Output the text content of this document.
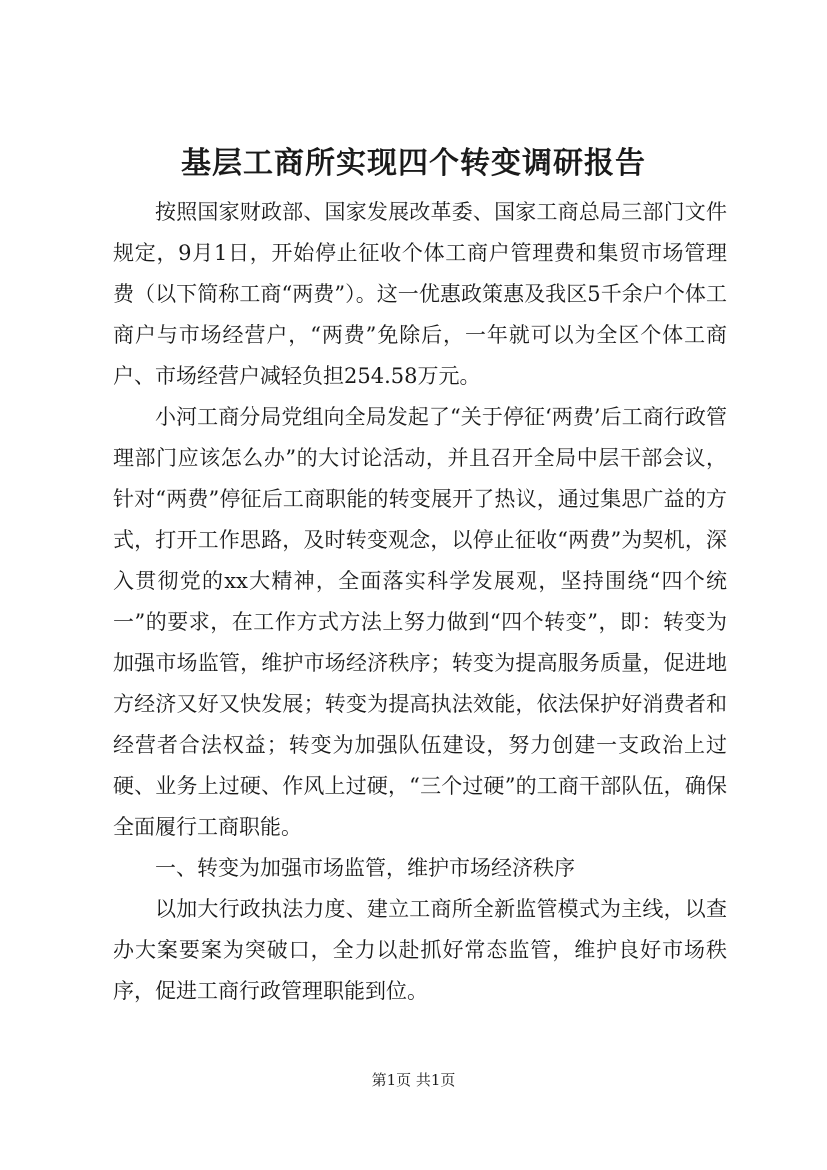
基层工商所实现四个转变调研报告

按照国家财政部、国家发展改革委、国家工商总局三部门文件规定，9月1日，开始停止征收个体工商户管理费和集贸市场管理费（以下简称工商“两费”）。这一优惠政策惠及我区5千余户个体工商户与市场经营户，“两费”免除后，一年就可以为全区个体工商户、市场经营户减轻负担254.58万元。

小河工商分局党组向全局发起了“关于停征‘两费’后工商行政管理部门应该怎么办”的大讨论活动，并且召开全局中层干部会议，针对“两费”停征后工商职能的转变展开了热议，通过集思广益的方式，打开工作思路，及时转变观念，以停止征收“两费”为契机，深入贯彻党的xx大精神，全面落实科学发展观，坚持围绕“四个统一”的要求，在工作方式方法上努力做到“四个转变”，即：转变为加强市场监管，维护市场经济秩序；转变为提高服务质量，促进地方经济又好又快发展；转变为提高执法效能，依法保护好消费者和经营者合法权益；转变为加强队伍建设，努力创建一支政治上过硬、业务上过硬、作风上过硬，“三个过硬”的工商干部队伍，确保全面履行工商职能。

一、转变为加强市场监管，维护市场经济秩序

以加大行政执法力度、建立工商所全新监管模式为主线，以查办大案要案为突破口，全力以赴抓好常态监管，维护良好市场秩序，促进工商行政管理职能到位。

第1页 共1页
